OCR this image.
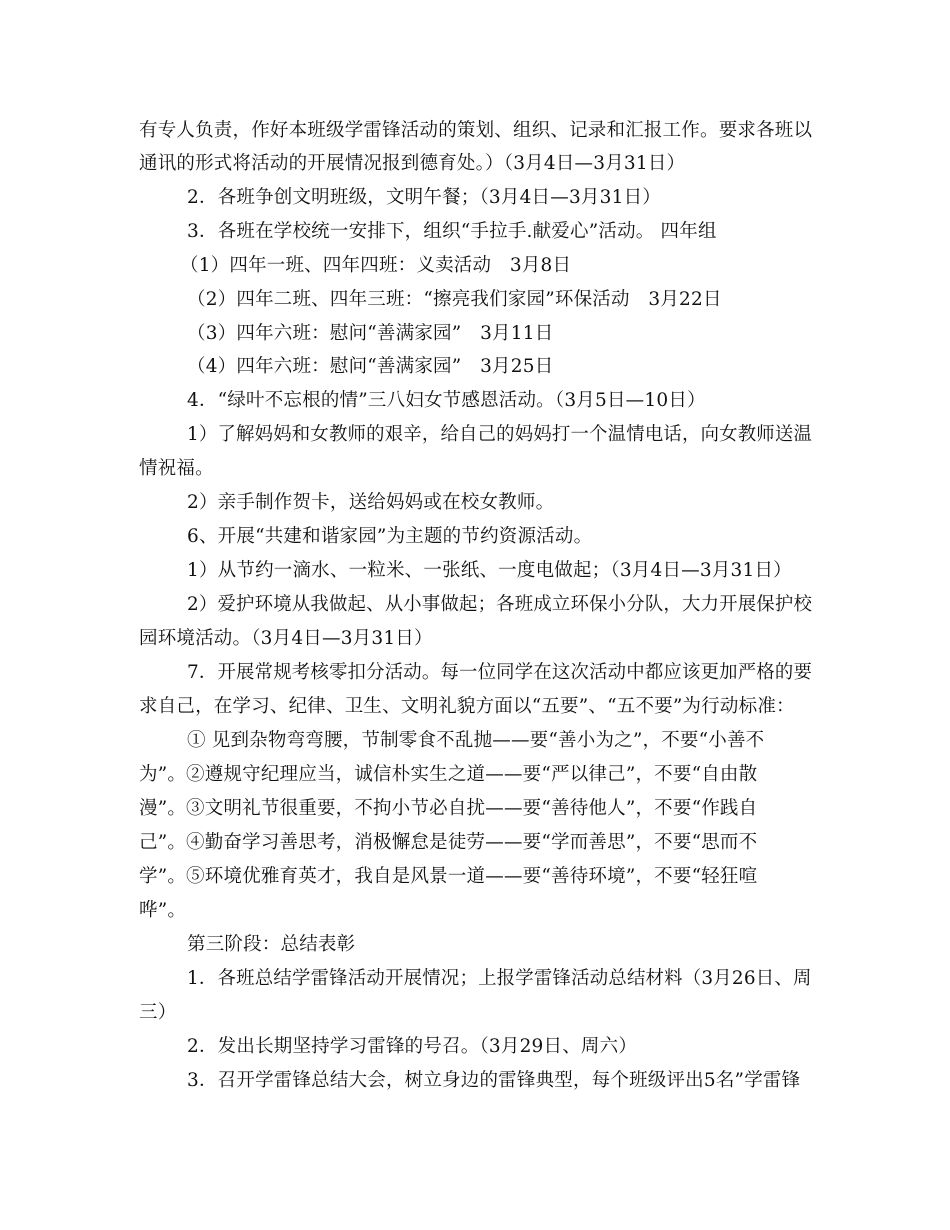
有专人负责，作好本班级学雷锋活动的策划、组织、记录和汇报工作。要求各班以
通讯的形式将活动的开展情况报到德育处。）（3月4日—3月31日）
2．各班争创文明班级，文明午餐；（3月4日—3月31日）
3．各班在学校统一安排下，组织“手拉手.献爱心”活动。 四年组
（1）四年一班、四年四班：义卖活动　3月8日
（2）四年二班、四年三班：“擦亮我们家园”环保活动　3月22日
（3）四年六班：慰问“善满家园”　3月11日
（4）四年六班：慰问“善满家园”　3月25日
4．“绿叶不忘根的情”三八妇女节感恩活动。（3月5日—10日）
1）了解妈妈和女教师的艰辛，给自己的妈妈打一个温情电话，向女教师送温
情祝福。
2）亲手制作贺卡，送给妈妈或在校女教师。
6、开展“共建和谐家园”为主题的节约资源活动。
1）从节约一滴水、一粒米、一张纸、一度电做起；（3月4日—3月31日）
2）爱护环境从我做起、从小事做起；各班成立环保小分队，大力开展保护校
园环境活动。（3月4日—3月31日）
7．开展常规考核零扣分活动。每一位同学在这次活动中都应该更加严格的要
求自己，在学习、纪律、卫生、文明礼貌方面以“五要”、“五不要”为行动标准：
① 见到杂物弯弯腰，节制零食不乱抛——要“善小为之”，不要“小善不
为”。②遵规守纪理应当，诚信朴实生之道——要“严以律己”，不要“自由散
漫”。③文明礼节很重要，不拘小节必自扰——要“善待他人”，不要“作践自
己”。④勤奋学习善思考，消极懈怠是徒劳——要“学而善思”，不要“思而不
学”。⑤环境优雅育英才，我自是风景一道——要“善待环境”，不要“轻狂喧
哗”。
第三阶段：总结表彰
1．各班总结学雷锋活动开展情况；上报学雷锋活动总结材料（3月26日、周
三）
2．发出长期坚持学习雷锋的号召。（3月29日、周六）
3．召开学雷锋总结大会，树立身边的雷锋典型，每个班级评出5名”学雷锋
